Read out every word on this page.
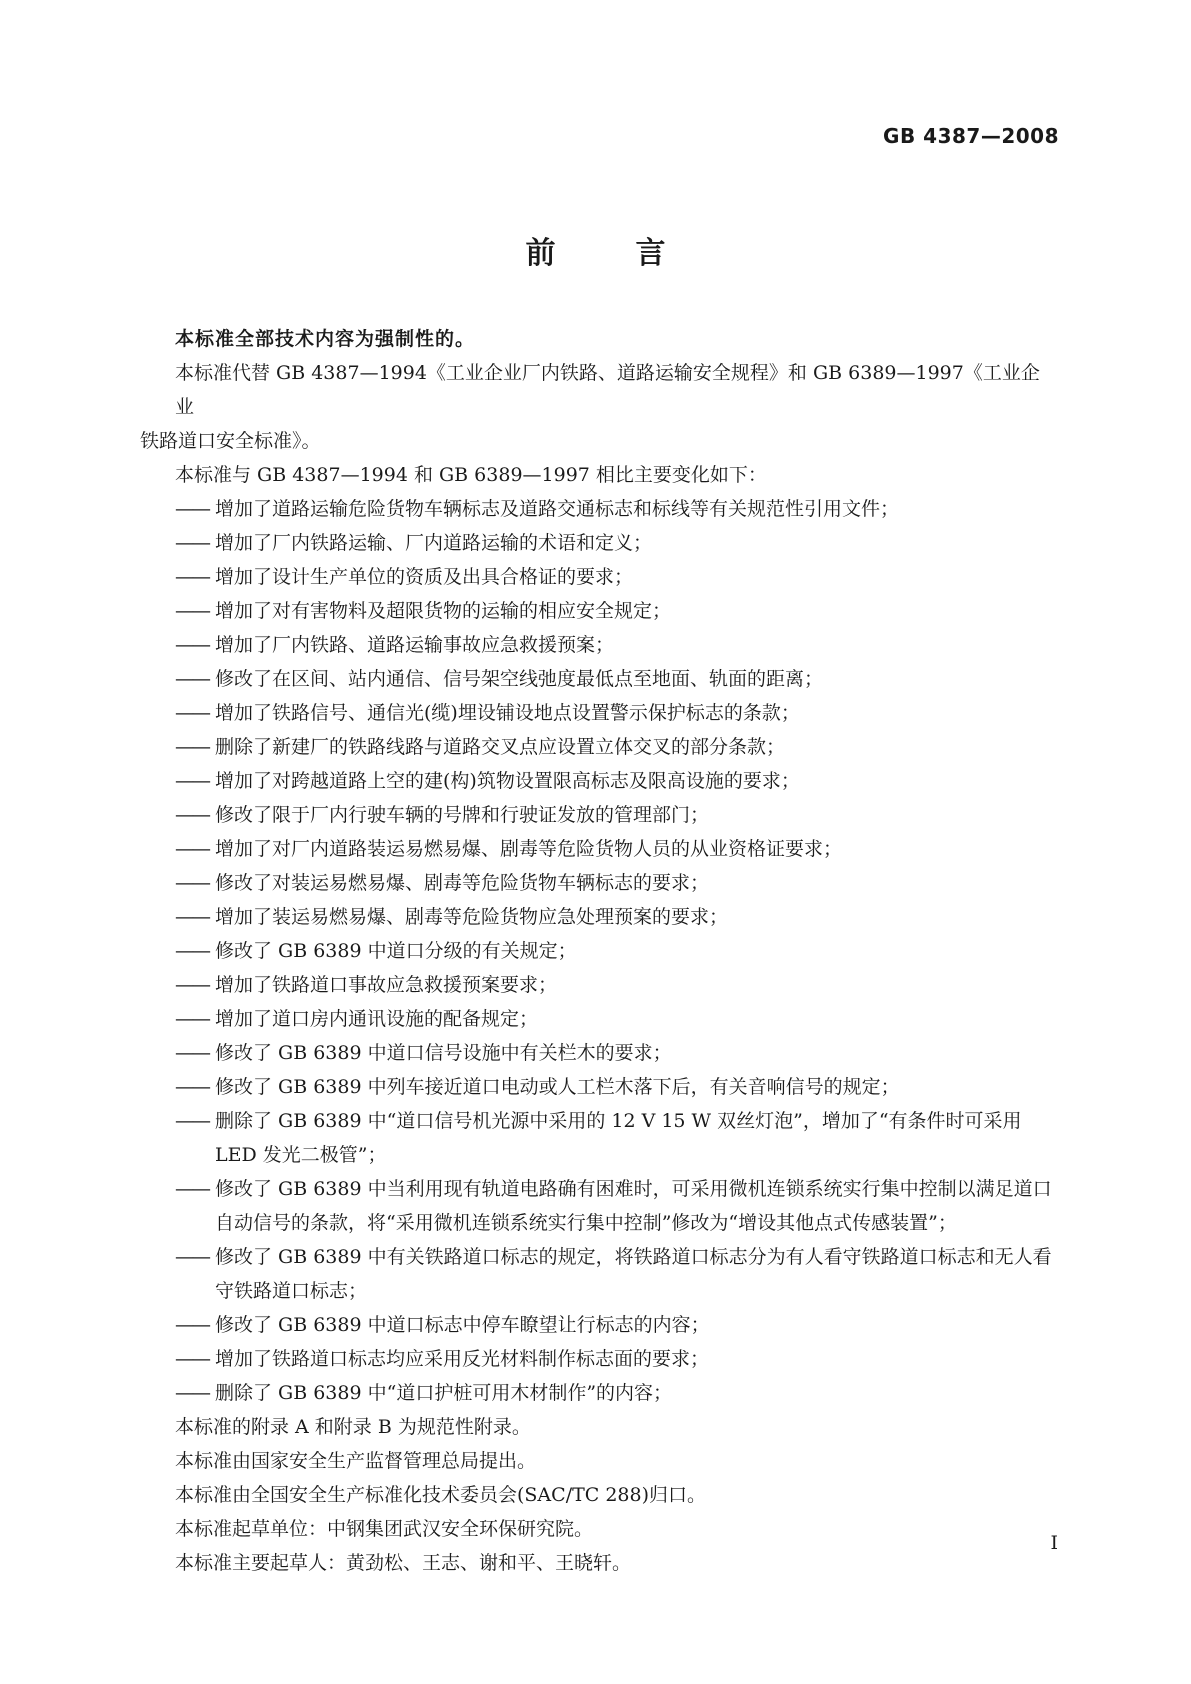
GB 4387—2008
前	言

本标准全部技术内容为强制性的。

本标准代替 GB 4387—1994《工业企业厂内铁路、道路运输安全规程》和 GB 6389—1997《工业企业

铁路道口安全标准》。

本标准与 GB 4387—1994 和 GB 6389—1997 相比主要变化如下：

—— 增加了道路运输危险货物车辆标志及道路交通标志和标线等有关规范性引用文件；
—— 增加了厂内铁路运输、厂内道路运输的术语和定义；
—— 增加了设计生产单位的资质及出具合格证的要求；
—— 增加了对有害物料及超限货物的运输的相应安全规定；
—— 增加了厂内铁路、道路运输事故应急救援预案；
—— 修改了在区间、站内通信、信号架空线弛度最低点至地面、轨面的距离；
—— 增加了铁路信号、通信光(缆)埋设铺设地点设置警示保护标志的条款；
—— 删除了新建厂的铁路线路与道路交叉点应设置立体交叉的部分条款；
—— 增加了对跨越道路上空的建(构)筑物设置限高标志及限高设施的要求；
—— 修改了限于厂内行驶车辆的号牌和行驶证发放的管理部门；
—— 增加了对厂内道路装运易燃易爆、剧毒等危险货物人员的从业资格证要求；
—— 修改了对装运易燃易爆、剧毒等危险货物车辆标志的要求；
—— 增加了装运易燃易爆、剧毒等危险货物应急处理预案的要求；
—— 修改了 GB 6389 中道口分级的有关规定；
—— 增加了铁路道口事故应急救援预案要求；
—— 增加了道口房内通讯设施的配备规定；
—— 修改了 GB 6389 中道口信号设施中有关栏木的要求；
—— 修改了 GB 6389 中列车接近道口电动或人工栏木落下后，有关音响信号的规定；
—— 删除了 GB 6389 中“道口信号机光源中采用的 12 V 15 W 双丝灯泡”，增加了“有条件时可采用 LED 发光二极管”；
—— 修改了 GB 6389 中当利用现有轨道电路确有困难时，可采用微机连锁系统实行集中控制以满足道口自动信号的条款，将“采用微机连锁系统实行集中控制”修改为“增设其他点式传感装置”；
—— 修改了 GB 6389 中有关铁路道口标志的规定，将铁路道口标志分为有人看守铁路道口标志和无人看守铁路道口标志；
—— 修改了 GB 6389 中道口标志中停车瞭望让行标志的内容；
—— 增加了铁路道口标志均应采用反光材料制作标志面的要求；
—— 删除了 GB 6389 中“道口护桩可用木材制作”的内容；

本标准的附录 A 和附录 B 为规范性附录。

本标准由国家安全生产监督管理总局提出。

本标准由全国安全生产标准化技术委员会(SAC/TC 288)归口。

本标准起草单位：中钢集团武汉安全环保研究院。

本标准主要起草人：黄劲松、王志、谢和平、王晓轩。

I
